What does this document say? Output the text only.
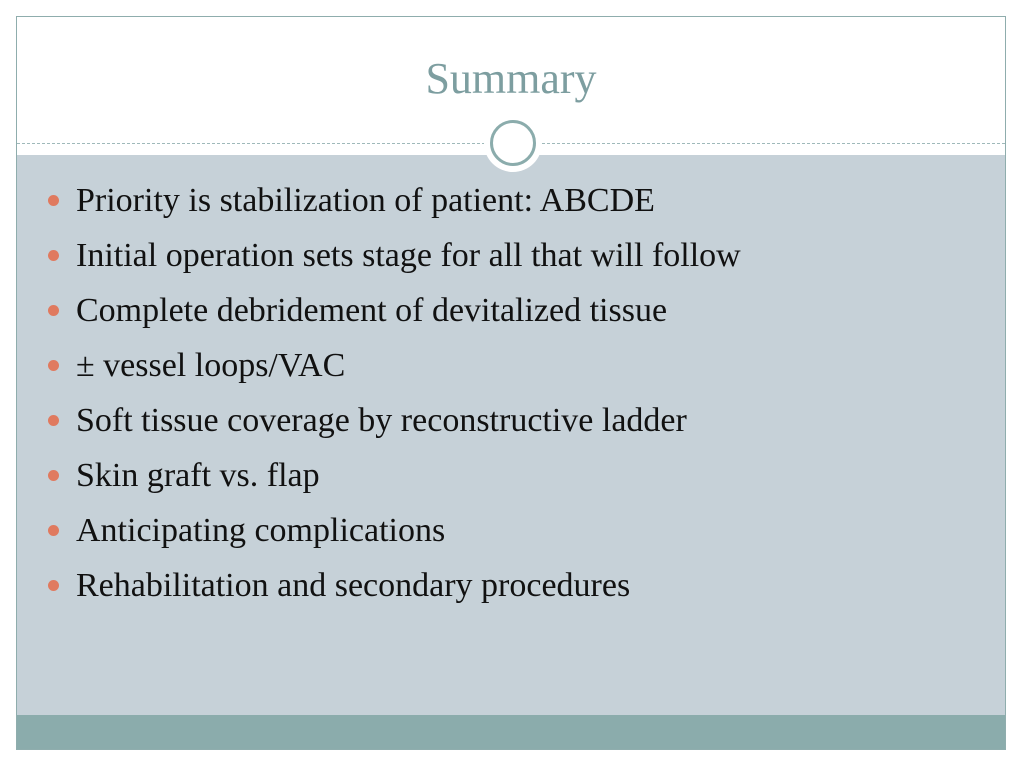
Summary
Priority is stabilization of patient: ABCDE
Initial operation sets stage for all that will follow
Complete debridement of devitalized tissue
± vessel loops/VAC
Soft tissue coverage by reconstructive ladder
Skin graft vs. flap
Anticipating complications
Rehabilitation and secondary procedures
